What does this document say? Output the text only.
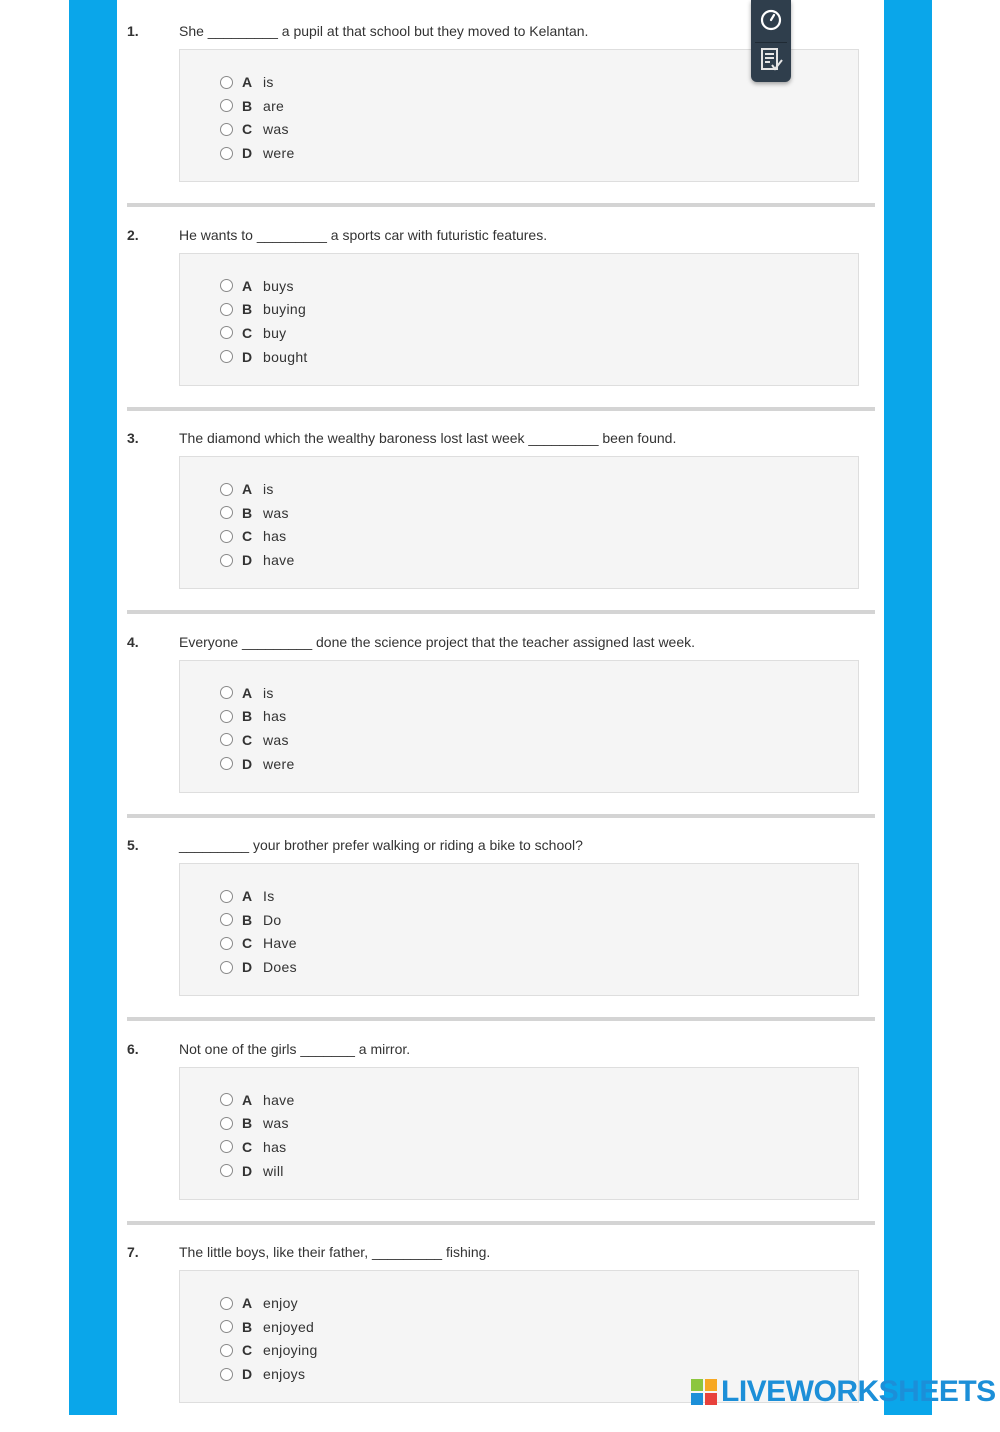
1.	She _________ a pupil at that school but they moved to Kelantan.
A is
B are
C was
D were
2.	He wants to _________ a sports car with futuristic features.
A buys
B buying
C buy
D bought
3.	The diamond which the wealthy baroness lost last week _________ been found.
A is
B was
C has
D have
4.	Everyone _________ done the science project that the teacher assigned last week.
A is
B has
C was
D were
5.	_________ your brother prefer walking or riding a bike to school?
A Is
B Do
C Have
D Does
6.	Not one of the girls _______ a mirror.
A have
B was
C has
D will
7.	The little boys, like their father, _________ fishing.
A enjoy
B enjoyed
C enjoying
D enjoys
LIVEWORKSHEETS
